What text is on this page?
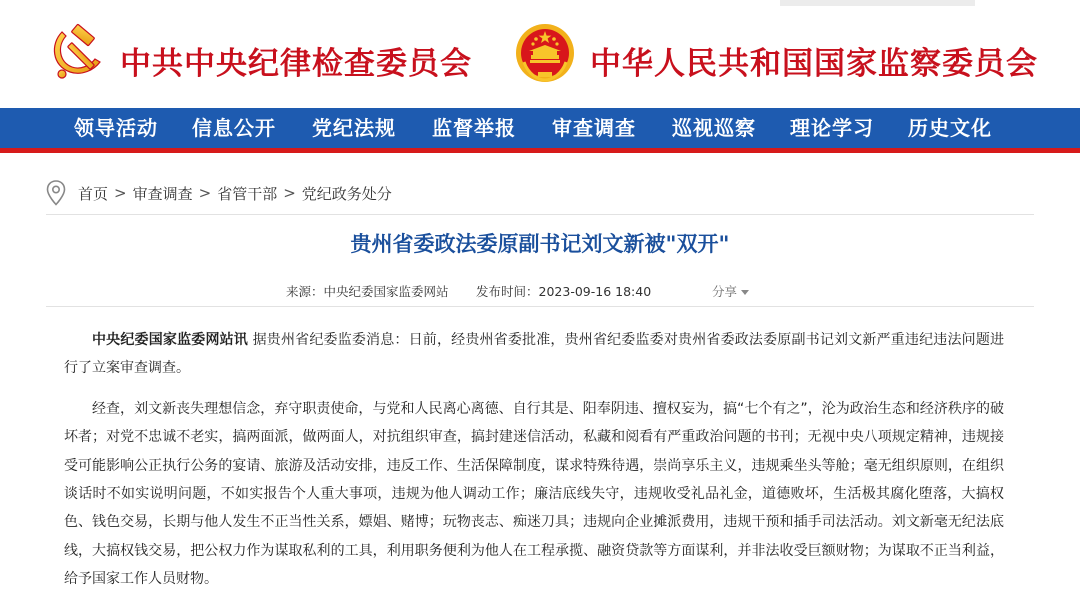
中共中央纪律检查委员会	中华人民共和国国家监察委员会
领导活动 信息公开 党纪法规 监督举报 审查调查 巡视巡察 理论学习 历史文化
首页 > 审查调查 > 省管干部 > 党纪政务处分
贵州省委政法委原副书记刘文新被"双开"
来源：中央纪委国家监委网站 发布时间：2023-09-16 18:40	分享

中央纪委国家监委网站讯 据贵州省纪委监委消息：日前，经贵州省委批准，贵州省纪委监委对贵州省委政法委原副书记刘文新严重违纪违法问题进行了立案审查调查。

经查，刘文新丧失理想信念，弃守职责使命，与党和人民离心离德、自行其是、阳奉阴违、擅权妄为，搞“七个有之”，沦为政治生态和经济秩序的破坏者；对党不忠诚不老实，搞两面派，做两面人，对抗组织审查，搞封建迷信活动，私藏和阅看有严重政治问题的书刊；无视中央八项规定精神，违规接受可能影响公正执行公务的宴请、旅游及活动安排，违反工作、生活保障制度，谋求特殊待遇，崇尚享乐主义，违规乘坐头等舱；毫无组织原则，在组织谈话时不如实说明问题，不如实报告个人重大事项，违规为他人调动工作；廉洁底线失守，违规收受礼品礼金，道德败坏，生活极其腐化堕落，大搞权色、钱色交易，长期与他人发生不正当性关系，嫖娼、赌博；玩物丧志、痴迷刀具；违规向企业摊派费用，违规干预和插手司法活动。刘文新毫无纪法底线，大搞权钱交易，把公权力作为谋取私利的工具，利用职务便利为他人在工程承揽、融资贷款等方面谋利，并非法收受巨额财物；为谋取不正当利益，给予国家工作人员财物。
